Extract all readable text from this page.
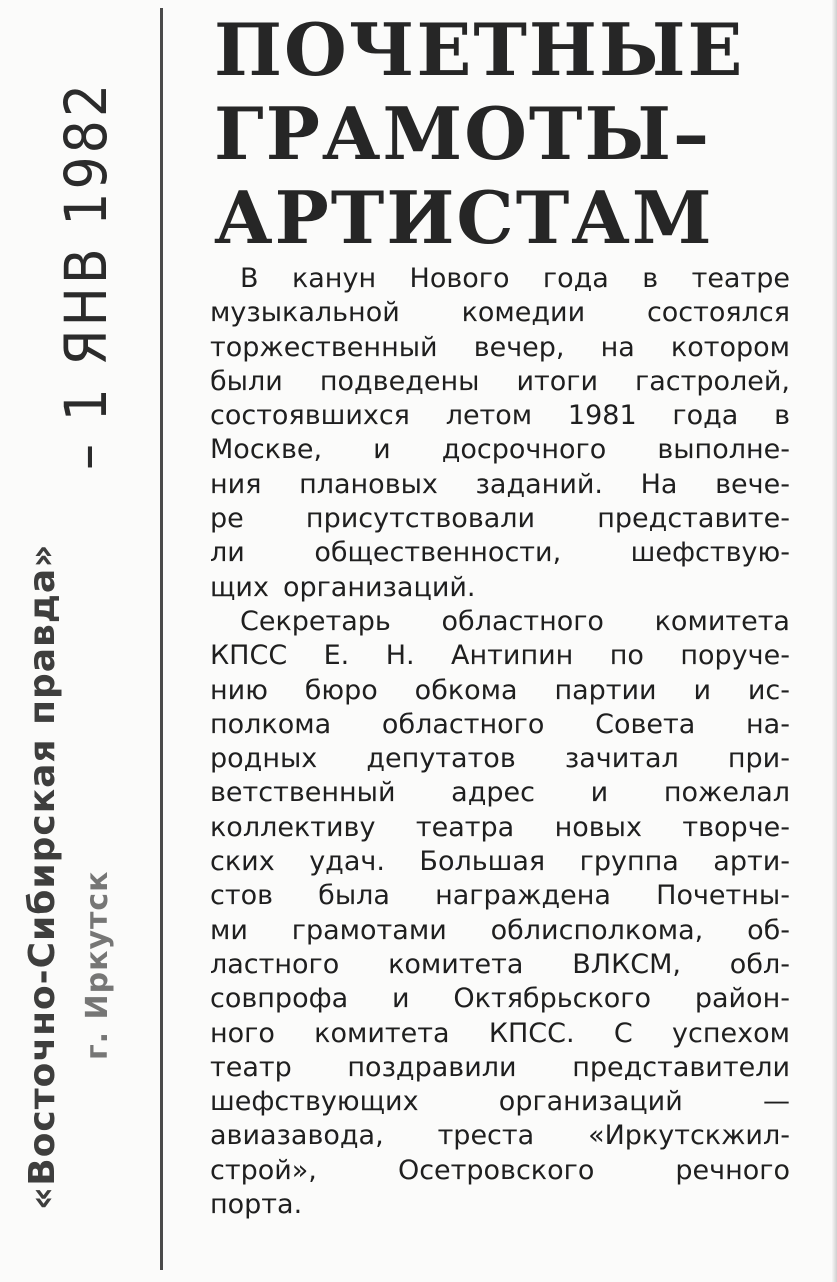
– 1 ЯНВ 1982
«Восточно-Сибирская правда» г. Иркутск
ПОЧЕТНЫЕ
ГРАМОТЫ–
АРТИСТАМ
В канун Нового года в театре
музыкальной комедии состоялся
торжественный вечер, на котором
были подведены итоги гастролей,
состоявшихся летом 1981 года в
Москве, и досрочного выполне-
ния плановых заданий. На вече-
ре присутствовали представите-
ли	общественности,	шефствую-
щих организаций.
Секретарь областного комитета
КПСС Е. Н. Антипин по поруче-
нию бюро обкома партии и ис-
полкома областного Совета на-
родных депутатов зачитал при-
ветственный адрес и пожелал
коллективу театра новых творче-
ских удач. Большая группа арти-
стов была награждена Почетны-
ми грамотами облисполкома, об-
ластного комитета ВЛКСМ, обл-
совпрофа и Октябрьского район-
ного комитета КПСС. С успехом
театр поздравили представители
шефствующих	организаций	—
авиазавода, треста «Иркутскжил-
строй»,	Осетровского	речного
порта.
